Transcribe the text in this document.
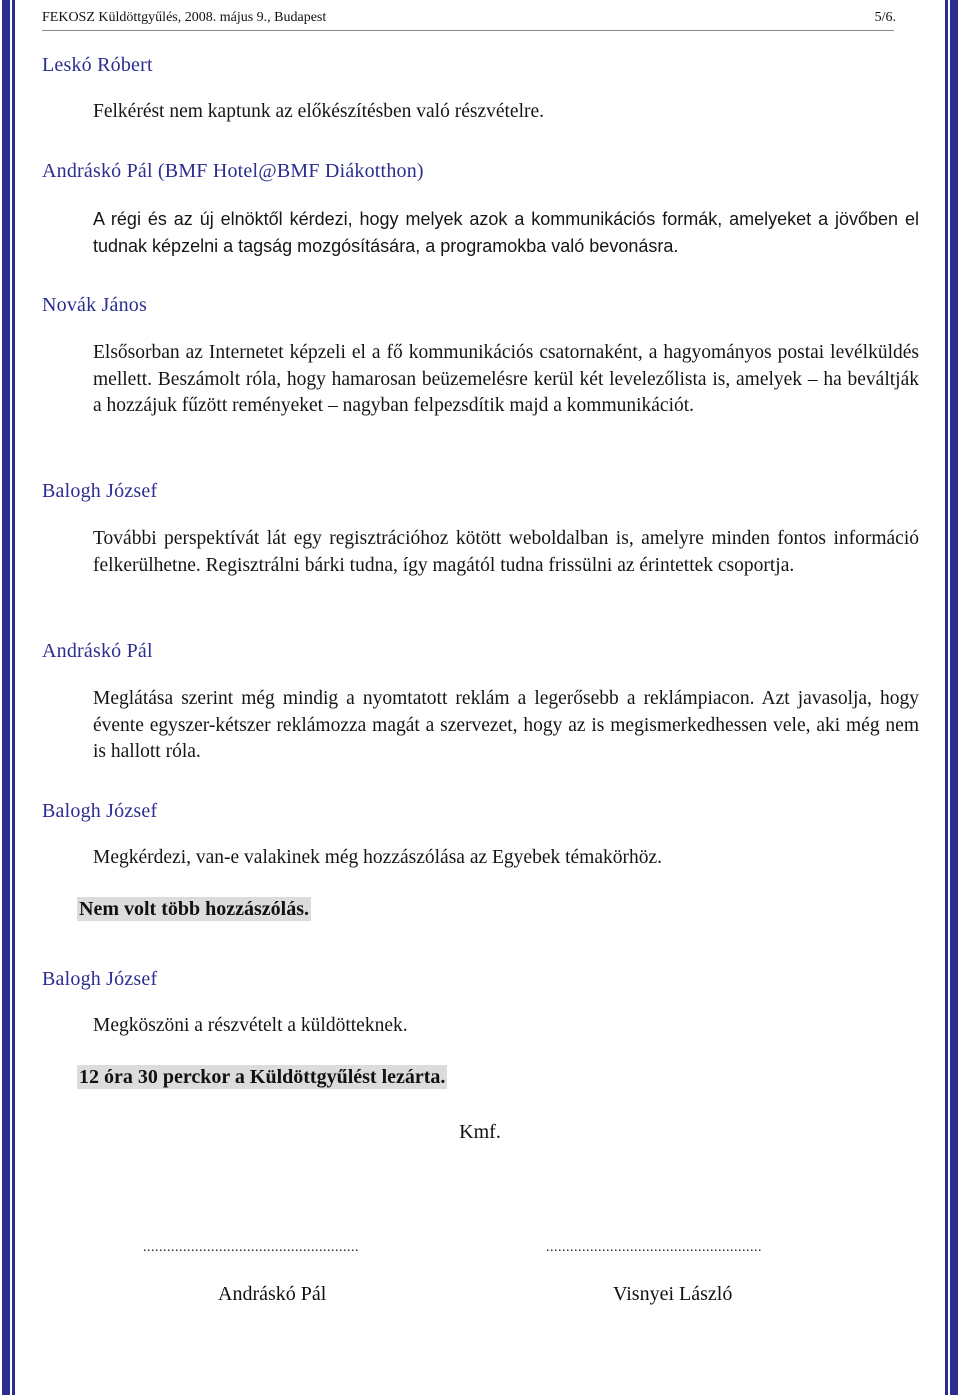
FEKOSZ Küldöttgyűlés, 2008. május 9., Budapest	5/6.
Leskó Róbert
Felkérést nem kaptunk az előkészítésben való részvételre.
Andráskó Pál (BMF Hotel@BMF Diákotthon)
A régi és az új elnöktől kérdezi, hogy melyek azok a kommunikációs formák, amelyeket a jövőben el tudnak képzelni a tagság mozgósítására, a programokba való bevonásra.
Novák János
Elsősorban az Internetet képzeli el a fő kommunikációs csatornaként, a hagyományos postai levélküldés mellett. Beszámolt róla, hogy hamarosan beüzemelésre kerül két levelezőlista is, amelyek – ha beváltják a hozzájuk fűzött reményeket – nagyban felpezsdítik majd a kommunikációt.
Balogh József
További perspektívát lát egy regisztrációhoz kötött weboldalban is, amelyre minden fontos információ felkerülhetne. Regisztrálni bárki tudna, így magától tudna frissülni az érintettek csoportja.
Andráskó Pál
Meglátása szerint még mindig a nyomtatott reklám a legerősebb a reklámpiacon. Azt javasolja, hogy évente egyszer-kétszer reklámozza magát a szervezet, hogy az is megismerkedhessen vele, aki még nem is hallott róla.
Balogh József
Megkérdezi, van-e valakinek még hozzászólása az Egyebek témakörhöz.
Nem volt több hozzászólás.
Balogh József
Megköszöni a részvételt a küldötteknek.
12 óra 30 perckor a Küldöttgyűlést lezárta.
Kmf.
......................................................	......................................................
Andráskó Pál	Visnyei László
